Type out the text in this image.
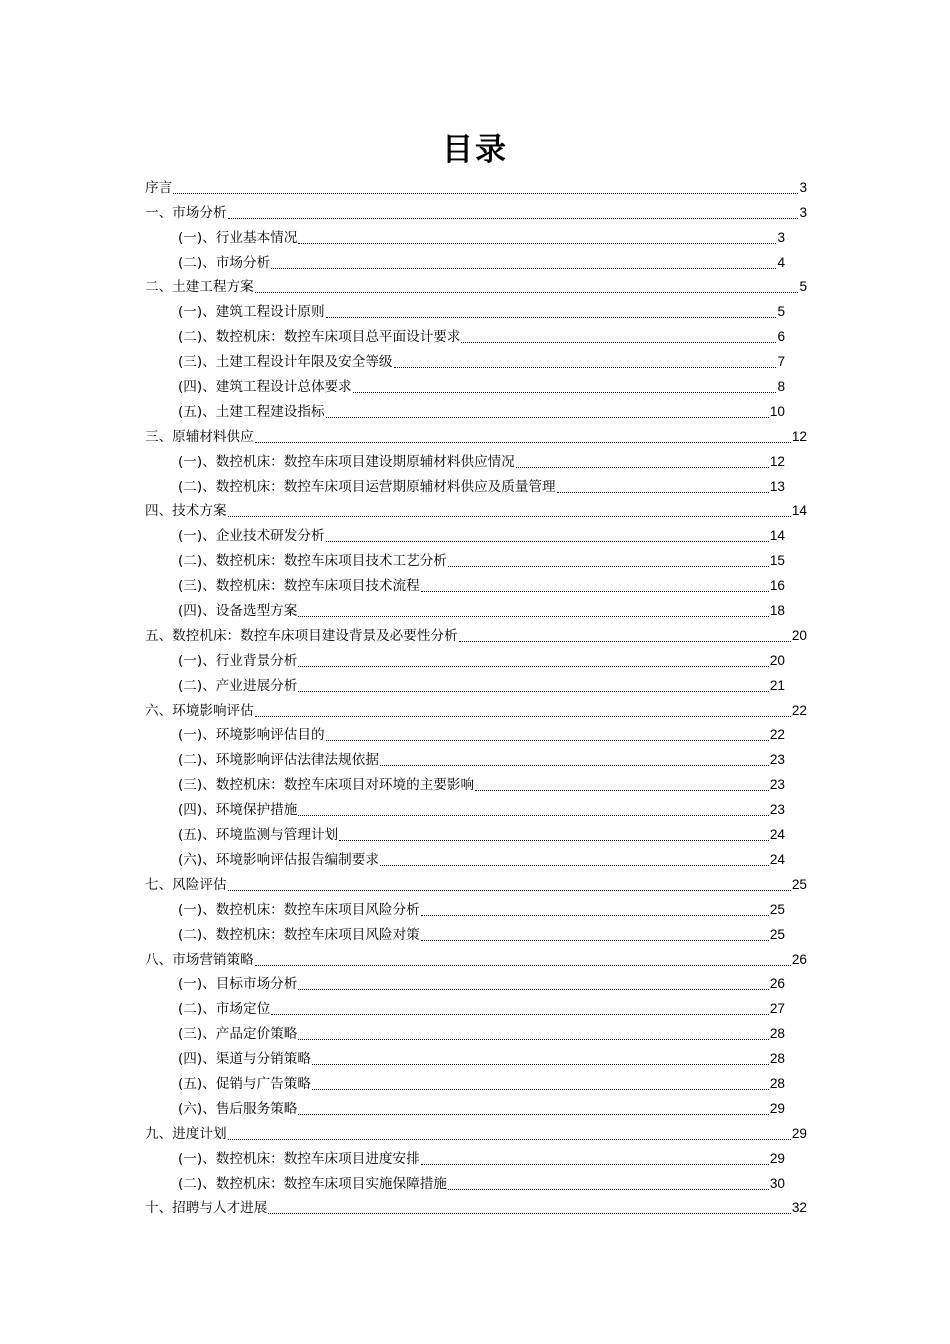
目录
序言	3
一、市场分析	3
(一)、行业基本情况	3
(二)、市场分析	4
二、土建工程方案	5
(一)、建筑工程设计原则	5
(二)、数控机床：数控车床项目总平面设计要求	6
(三)、土建工程设计年限及安全等级	7
(四)、建筑工程设计总体要求	8
(五)、土建工程建设指标	10
三、原辅材料供应	12
(一)、数控机床：数控车床项目建设期原辅材料供应情况	12
(二)、数控机床：数控车床项目运营期原辅材料供应及质量管理	13
四、技术方案	14
(一)、企业技术研发分析	14
(二)、数控机床：数控车床项目技术工艺分析	15
(三)、数控机床：数控车床项目技术流程	16
(四)、设备选型方案	18
五、数控机床：数控车床项目建设背景及必要性分析	20
(一)、行业背景分析	20
(二)、产业进展分析	21
六、环境影响评估	22
(一)、环境影响评估目的	22
(二)、环境影响评估法律法规依据	23
(三)、数控机床：数控车床项目对环境的主要影响	23
(四)、环境保护措施	23
(五)、环境监测与管理计划	24
(六)、环境影响评估报告编制要求	24
七、风险评估	25
(一)、数控机床：数控车床项目风险分析	25
(二)、数控机床：数控车床项目风险对策	25
八、市场营销策略	26
(一)、目标市场分析	26
(二)、市场定位	27
(三)、产品定价策略	28
(四)、渠道与分销策略	28
(五)、促销与广告策略	28
(六)、售后服务策略	29
九、进度计划	29
(一)、数控机床：数控车床项目进度安排	29
(二)、数控机床：数控车床项目实施保障措施	30
十、招聘与人才进展	32
